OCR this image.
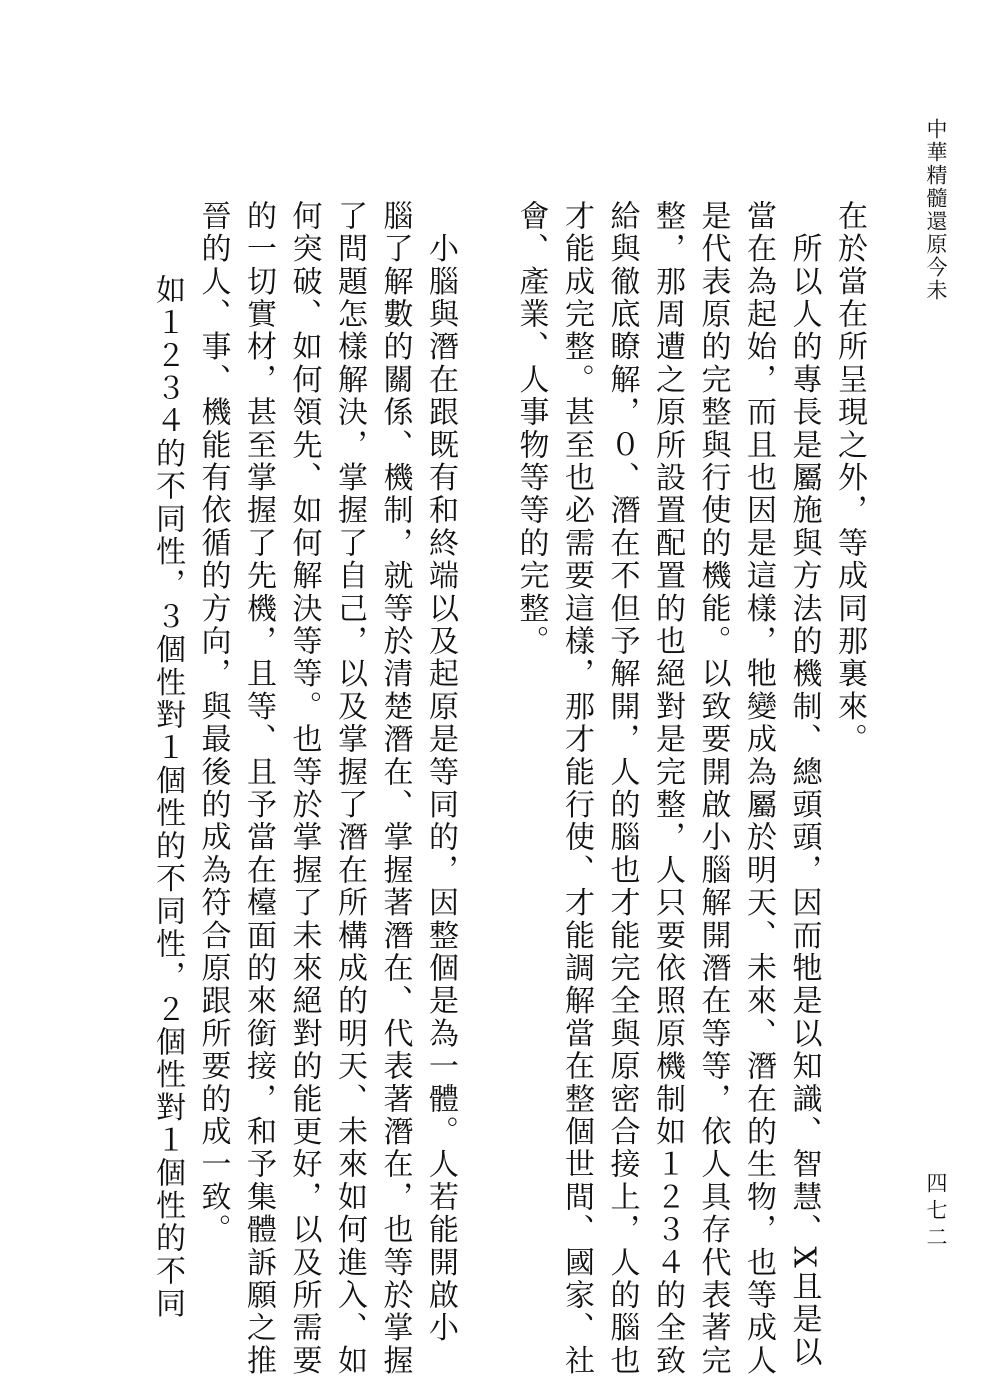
中華精髓還原今未
在於當在所呈現之外，等成同那裏來。
　所以人的專長是屬施與方法的機制、總頭頭，因而牠是以知識、智慧、X且是以
當在為起始，而且也因是這樣，牠變成為屬於明天、未來、潛在的生物，也等成人
是代表原的完整與行使的機能。以致要開啟小腦解開潛在等等，依人具存代表著完
整，那周遭之原所設置配置的也絕對是完整，人只要依照原機制如１２３４的全致
給與徹底瞭解，０、潛在不但予解開，人的腦也才能完全與原密合接上，人的腦也
才能成完整。甚至也必需要這樣，那才能行使、才能調解當在整個世間、國家、社
會、產業、人事物等等的完整。
　小腦與潛在跟既有和終端以及起原是等同的，因整個是為一體。人若能開啟小
腦了解數的關係、機制，就等於清楚潛在、掌握著潛在、代表著潛在，也等於掌握
了問題怎樣解決，掌握了自己，以及掌握了潛在所構成的明天、未來如何進入、如
何突破、如何領先、如何解決等等。也等於掌握了未來絕對的能更好，以及所需要
的一切實材，甚至掌握了先機，且等、且予當在檯面的來銜接，和予集體訴願之推
晉的人、事、機能有依循的方向，與最後的成為符合原跟所要的成一致。
如１２３４的不同性，３個性對１個性的不同性，２個性對１個性的不同	四七二
